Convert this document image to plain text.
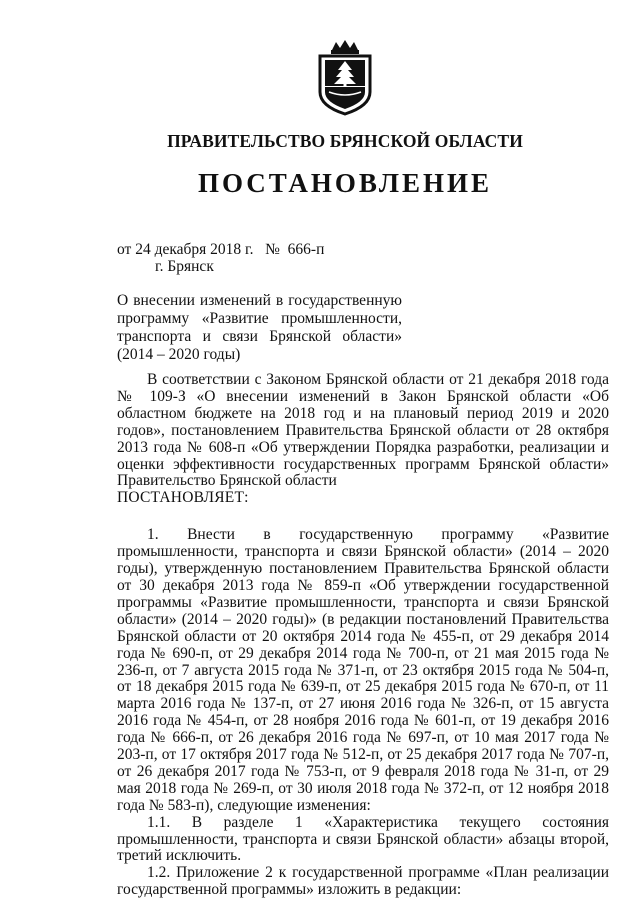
ПРАВИТЕЛЬСТВО БРЯНСКОЙ ОБЛАСТИ
ПОСТАНОВЛЕНИЕ
от 24 декабря 2018 г.   №  666-п
г. Брянск
О внесении изменений в государственную
программу «Развитие промышленности,
транспорта и связи Брянской области»
(2014 – 2020 годы)

В соответствии с Законом Брянской области от 21 декабря 2018 года № 109-З «О внесении изменений в Закон Брянской области «Об областном бюджете на 2018 год и на плановый период 2019 и 2020 годов», постановлением Правительства Брянской области от 28 октября 2013 года № 608-п «Об утверждении Порядка разработки, реализации и оценки эффективности государственных программ Брянской области» Правительство Брянской области

ПОСТАНОВЛЯЕТ:

1. Внести в государственную программу «Развитие промышленности, транспорта и связи Брянской области» (2014 – 2020 годы), утвержденную постановлением Правительства Брянской области от 30 декабря 2013 года № 859-п «Об утверждении государственной программы «Развитие промышленности, транспорта и связи Брянской области» (2014 – 2020 годы)» (в редакции постановлений Правительства Брянской области от 20 октября 2014 года № 455-п, от 29 декабря 2014 года № 690-п, от 29 декабря 2014 года № 700-п, от 21 мая 2015 года № 236-п, от 7 августа 2015 года № 371-п, от 23 октября 2015 года № 504-п, от 18 декабря 2015 года № 639-п, от 25 декабря 2015 года № 670-п, от 11 марта 2016 года № 137-п, от 27 июня 2016 года № 326-п, от 15 августа 2016 года № 454-п, от 28 ноября 2016 года № 601-п, от 19 декабря 2016 года № 666-п, от 26 декабря 2016 года № 697-п, от 10 мая 2017 года № 203-п, от 17 октября 2017 года № 512-п, от 25 декабря 2017 года № 707-п, от 26 декабря 2017 года № 753-п, от 9 февраля 2018 года № 31-п, от 29 мая 2018 года № 269-п, от 30 июля 2018 года № 372-п, от 12 ноября 2018 года № 583-п), следующие изменения:

1.1. В разделе 1 «Характеристика текущего состояния промышленности, транспорта и связи Брянской области» абзацы второй, третий исключить.

1.2. Приложение 2 к государственной программе «План реализации государственной программы» изложить в редакции:
